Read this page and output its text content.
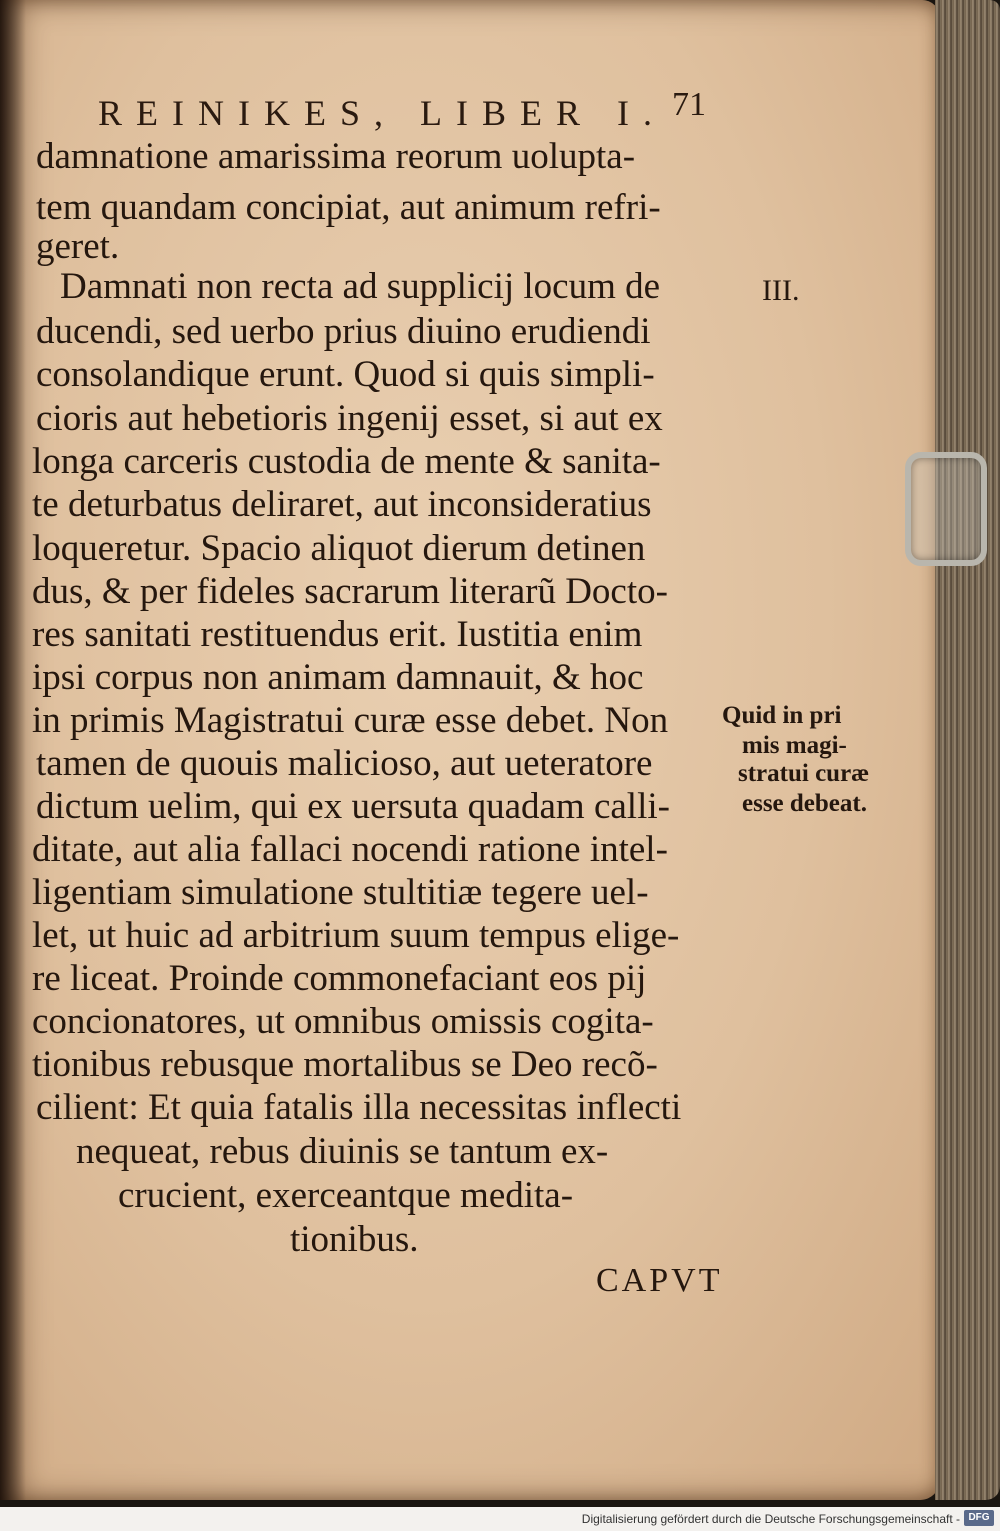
REINIKES, LIBER I. 71
damnatione amarissima reorum uolupta-
tem quandam concipiat, aut animum refri-
geret.
Damnati non recta ad supplicij locum de
ducendi, sed uerbo prius diuino erudiendi
consolandique erunt. Quod si quis simpli-
cioris aut hebetioris ingenij esset, si aut ex
longa carceris custodia de mente & sanita-
te deturbatus deliraret, aut inconsideratius
loqueretur. Spacio aliquot dierum detinen
dus, & per fideles sacrarum literarũ Docto-
res sanitati restituendus erit. Iustitia enim
ipsi corpus non animam damnauit, & hoc
in primis Magistratui curæ esse debet. Non
tamen de quouis malicioso, aut ueteratore
dictum uelim, qui ex uersuta quadam calli-
ditate, aut alia fallaci nocendi ratione intel-
ligentiam simulatione stultitiæ tegere uel-
let, ut huic ad arbitrium suum tempus elige-
re liceat. Proinde commonefaciant eos pij
concionatores, ut omnibus omissis cogita-
tionibus rebusque mortalibus se Deo recõ-
cilient: Et quia fatalis illa necessitas inflecti
nequeat, rebus diuinis se tantum ex-
crucient, exerceantque medita-
tionibus.
III.
Quid in pri
mis magi-
stratui curæ
esse debeat.
CAPVT
Digitalisierung gefördert durch die Deutsche Forschungsgemeinschaft - DFG
